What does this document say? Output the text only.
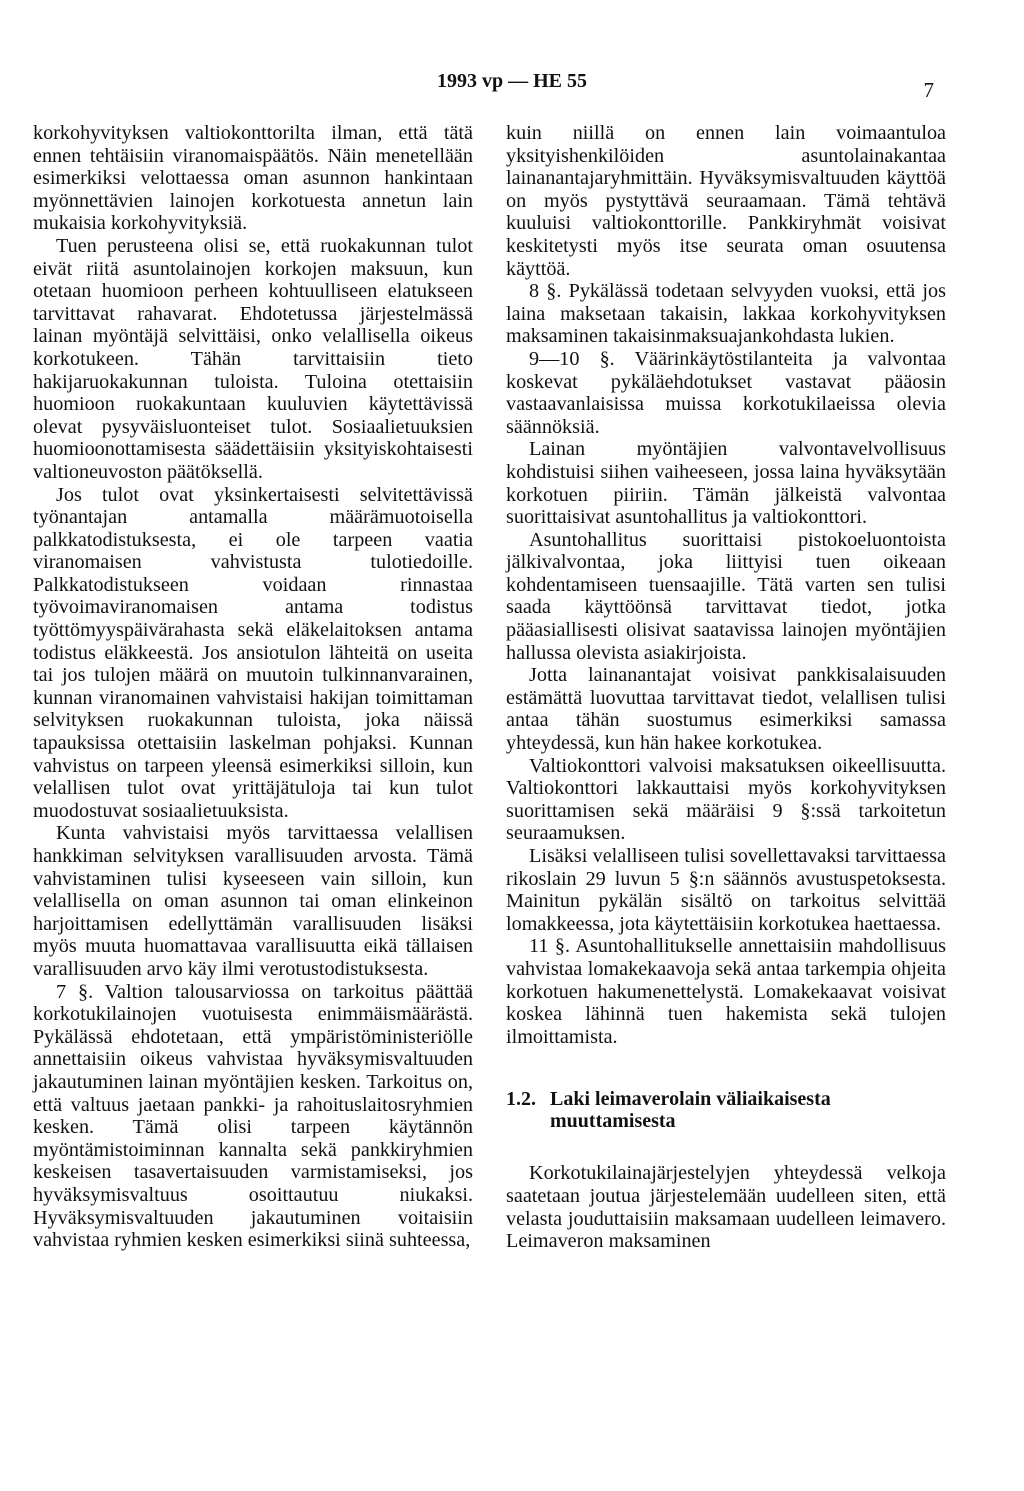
1993 vp — HE 55	7

korkohyvityksen valtiokonttorilta ilman, että tätä ennen tehtäisiin viranomaispäätös. Näin menetellään esimerkiksi velottaessa oman asunnon hankintaan myönnettävien lainojen korkotuesta annetun lain mukaisia korkohyvityksiä.

Tuen perusteena olisi se, että ruokakunnan tulot eivät riitä asuntolainojen korkojen maksuun, kun otetaan huomioon perheen kohtuulliseen elatukseen tarvittavat rahavarat. Ehdotetussa järjestelmässä lainan myöntäjä selvittäisi, onko velallisella oikeus korkotukeen. Tähän tarvittaisiin tieto hakijaruokakunnan tuloista. Tuloina otettaisiin huomioon ruokakuntaan kuuluvien käytettävissä olevat pysyväisluonteiset tulot. Sosiaalietuuksien huomioonottamisesta säädettäisiin yksityiskohtaisesti valtioneuvoston päätöksellä.

Jos tulot ovat yksinkertaisesti selvitettävissä työnantajan antamalla määrämuotoisella palkkatodistuksesta, ei ole tarpeen vaatia viranomaisen vahvistusta tulotiedoille. Palkkatodistukseen voidaan rinnastaa työvoimaviranomaisen antama todistus työttömyyspäivärahasta sekä eläkelaitoksen antama todistus eläkkeestä. Jos ansiotulon lähteitä on useita tai jos tulojen määrä on muutoin tulkinnanvarainen, kunnan viranomainen vahvistaisi hakijan toimittaman selvityksen ruokakunnan tuloista, joka näissä tapauksissa otettaisiin laskelman pohjaksi. Kunnan vahvistus on tarpeen yleensä esimerkiksi silloin, kun velallisen tulot ovat yrittäjätuloja tai kun tulot muodostuvat sosiaalietuuksista.

Kunta vahvistaisi myös tarvittaessa velallisen hankkiman selvityksen varallisuuden arvosta. Tämä vahvistaminen tulisi kyseeseen vain silloin, kun velallisella on oman asunnon tai oman elinkeinon harjoittamisen edellyttämän varallisuuden lisäksi myös muuta huomattavaa varallisuutta eikä tällaisen varallisuuden arvo käy ilmi verotustodistuksesta.

7 §. Valtion talousarviossa on tarkoitus päättää korkotukilainojen vuotuisesta enimmäismäärästä. Pykälässä ehdotetaan, että ympäristöministeriölle annettaisiin oikeus vahvistaa hyväksymisvaltuuden jakautuminen lainan myöntäjien kesken. Tarkoitus on, että valtuus jaetaan pankki- ja rahoituslaitosryhmien kesken. Tämä olisi tarpeen käytännön myöntämistoiminnan kannalta sekä pankkiryhmien keskeisen tasavertaisuuden varmistamiseksi, jos hyväksymisvaltuus osoittautuu niukaksi. Hyväksymisvaltuuden jakautuminen voitaisiin vahvistaa ryhmien kesken esimerkiksi siinä suhteessa,

kuin niillä on ennen lain voimaantuloa yksityishenkilöiden asuntolainakantaa lainanantajaryhmittäin. Hyväksymisvaltuuden käyttöä on myös pystyttävä seuraamaan. Tämä tehtävä kuuluisi valtiokonttorille. Pankkiryhmät voisivat keskitetysti myös itse seurata oman osuutensa käyttöä.

8 §. Pykälässä todetaan selvyyden vuoksi, että jos laina maksetaan takaisin, lakkaa korkohyvityksen maksaminen takaisinmaksuajankohdasta lukien.

9—10 §. Väärinkäytöstilanteita ja valvontaa koskevat pykäläehdotukset vastavat pääosin vastaavanlaisissa muissa korkotukilaeissa olevia säännöksiä.

Lainan myöntäjien valvontavelvollisuus kohdistuisi siihen vaiheeseen, jossa laina hyväksytään korkotuen piiriin. Tämän jälkeistä valvontaa suorittaisivat asuntohallitus ja valtiokonttori.

Asuntohallitus suorittaisi pistokoeluontoista jälkivalvontaa, joka liittyisi tuen oikeaan kohdentamiseen tuensaajille. Tätä varten sen tulisi saada käyttöönsä tarvittavat tiedot, jotka pääasiallisesti olisivat saatavissa lainojen myöntäjien hallussa olevista asiakirjoista.

Jotta lainanantajat voisivat pankkisalaisuuden estämättä luovuttaa tarvittavat tiedot, velallisen tulisi antaa tähän suostumus esimerkiksi samassa yhteydessä, kun hän hakee korkotukea.

Valtiokonttori valvoisi maksatuksen oikeellisuutta. Valtiokonttori lakkauttaisi myös korkohyvityksen suorittamisen sekä määräisi 9 §:ssä tarkoitetun seuraamuksen.

Lisäksi velalliseen tulisi sovellettavaksi tarvittaessa rikoslain 29 luvun 5 §:n säännös avustuspetoksesta. Mainitun pykälän sisältö on tarkoitus selvittää lomakkeessa, jota käytettäisiin korkotukea haettaessa.

11 §. Asuntohallitukselle annettaisiin mahdollisuus vahvistaa lomakekaavoja sekä antaa tarkempia ohjeita korkotuen hakumenettelystä. Lomakekaavat voisivat koskea lähinnä tuen hakemista sekä tulojen ilmoittamista.

1.2. Laki leimaverolain väliaikaisesta muuttamisesta

Korkotukilainajärjestelyjen yhteydessä velkoja saatetaan joutua järjestelemään uudelleen siten, että velasta jouduttaisiin maksamaan uudelleen leimavero. Leimaveron maksaminen
